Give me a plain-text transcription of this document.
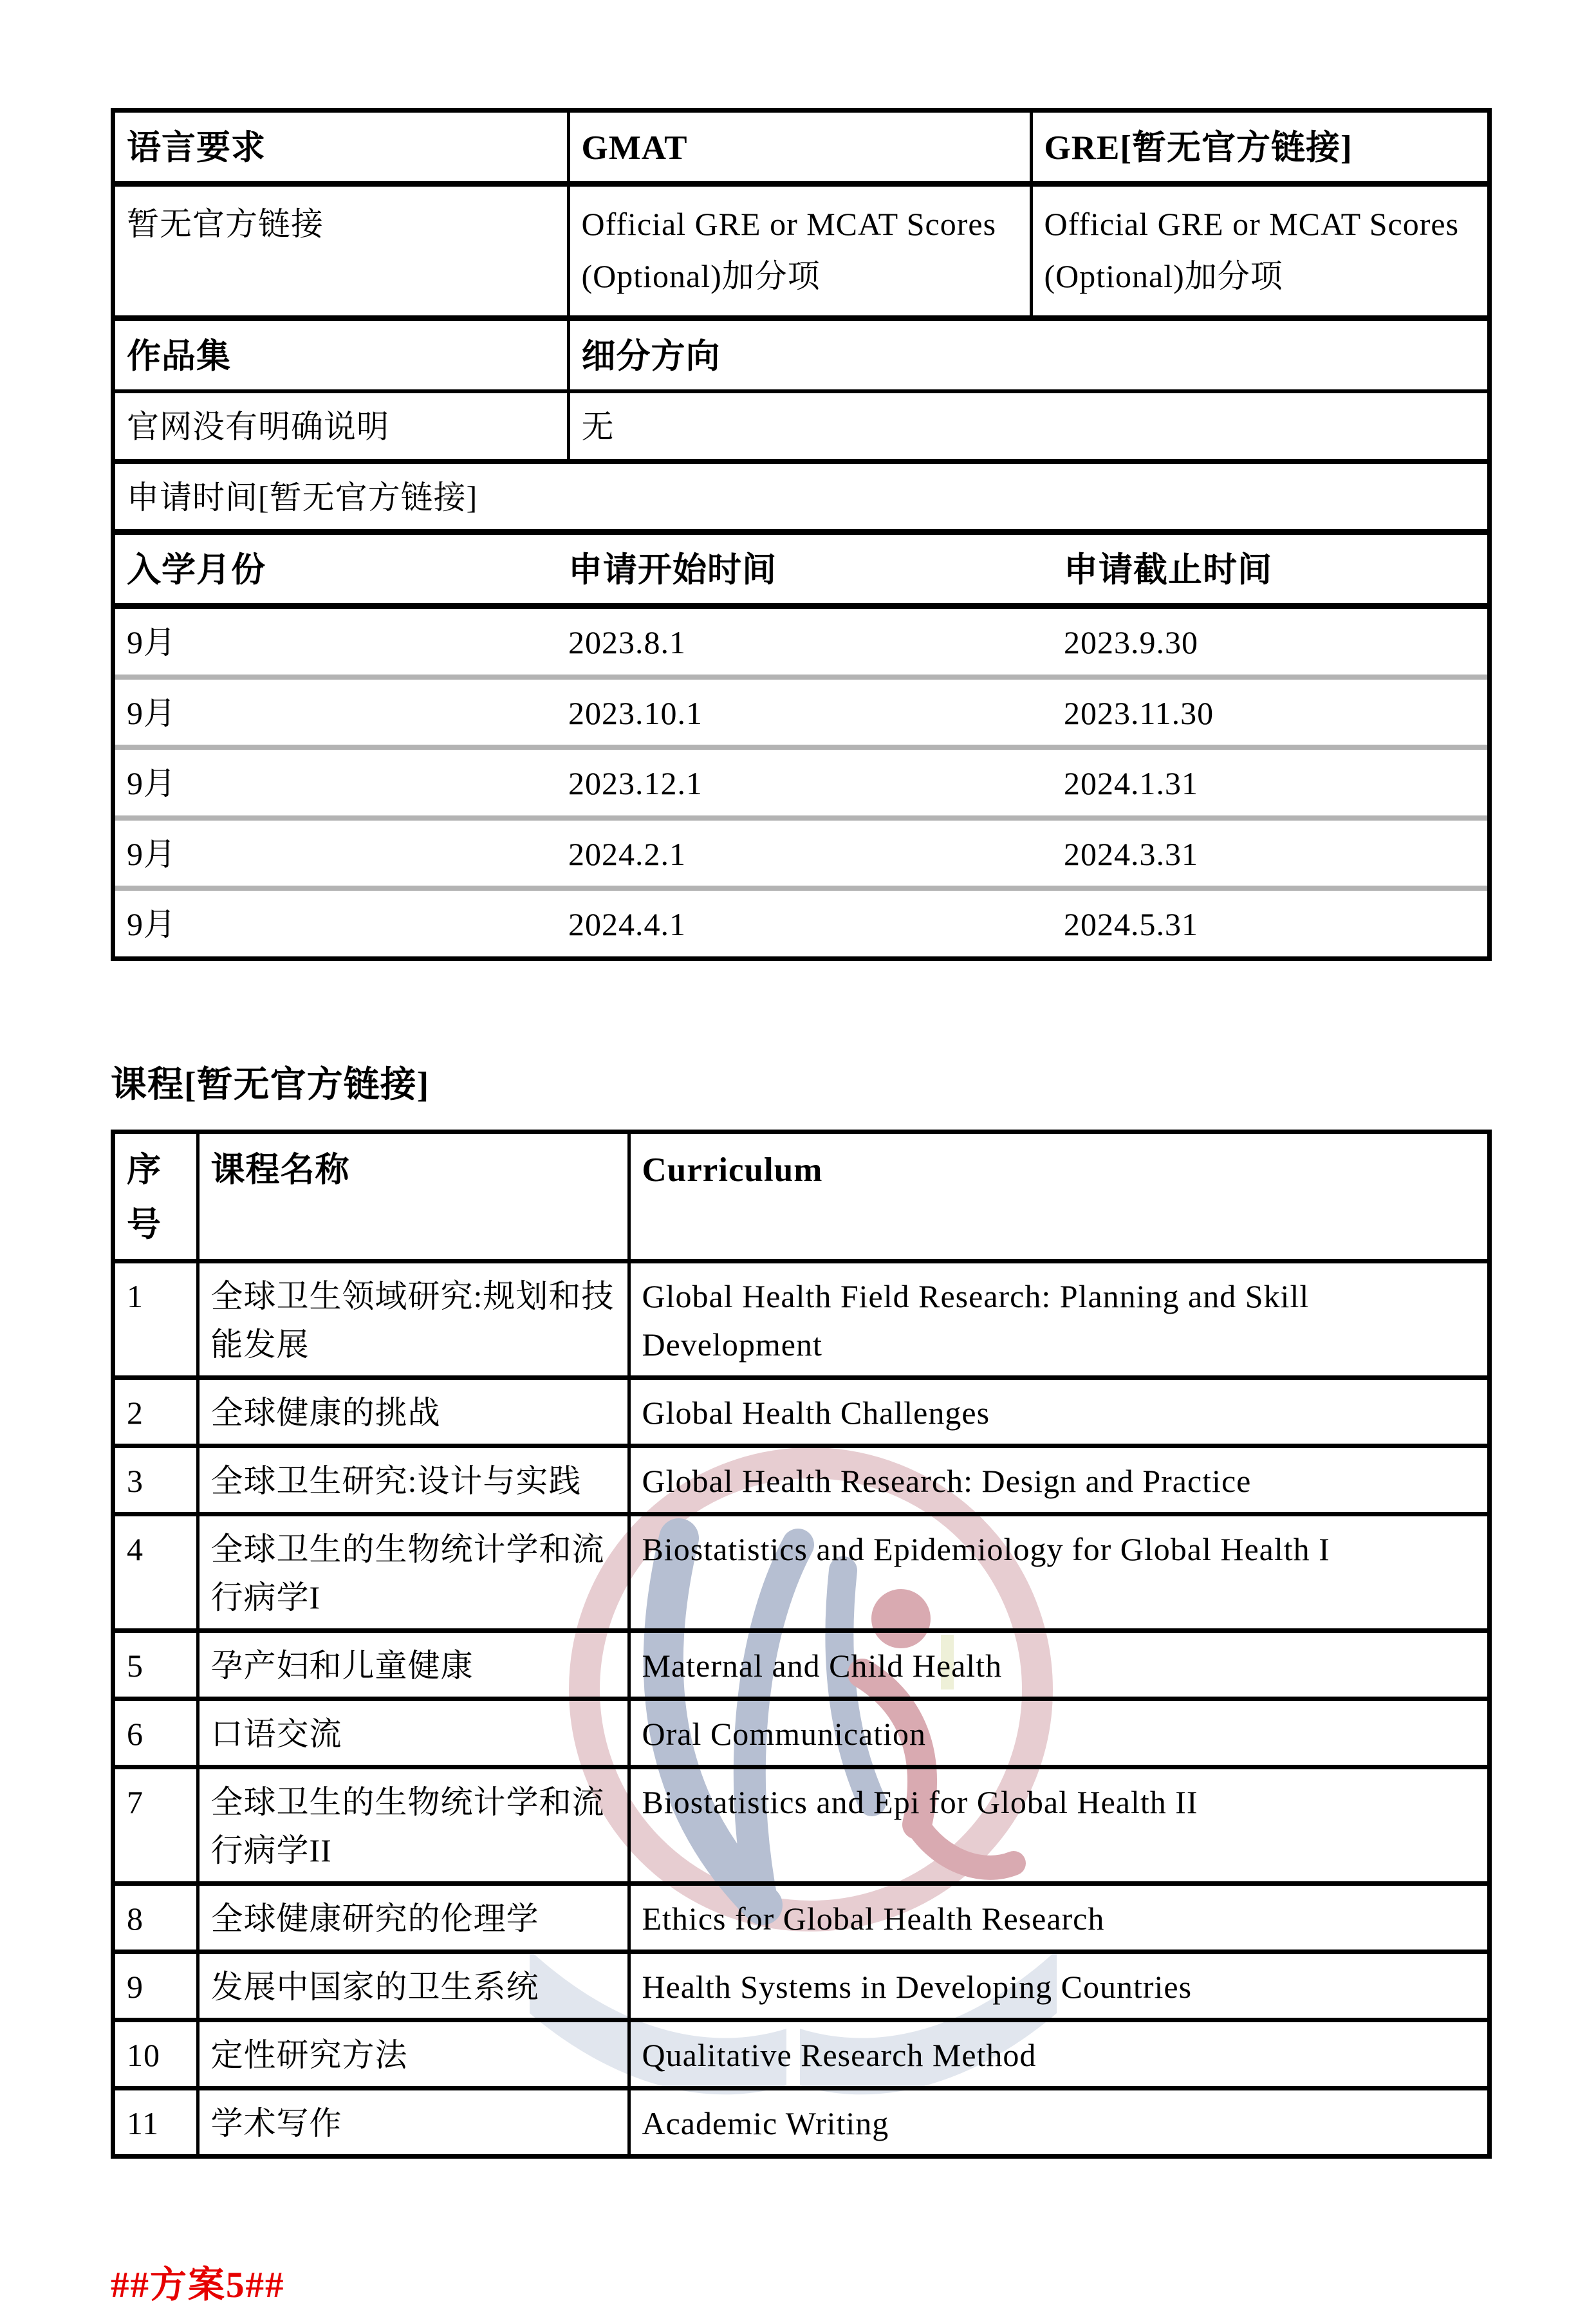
语言要求	GMAT	GRE[暂无官方链接]
暂无官方链接	Official GRE or MCAT Scores (Optional)加分项	Official GRE or MCAT Scores (Optional)加分项
作品集	细分方向	
官网没有明确说明	无	
申请时间[暂无官方链接]		
入学月份	申请开始时间	申请截止时间
9月	2023.8.1	2023.9.30
9月	2023.10.1	2023.11.30
9月	2023.12.1	2024.1.31
9月	2024.2.1	2024.3.31
9月	2024.4.1	2024.5.31
课程[暂无官方链接]
序号	课程名称	Curriculum
1	全球卫生领域研究:规划和技能发展	Global Health Field Research: Planning and Skill Development
2	全球健康的挑战	Global Health Challenges
3	全球卫生研究:设计与实践	Global Health Research: Design and Practice
4	全球卫生的生物统计学和流行病学I	Biostatistics and Epidemiology for Global Health I
5	孕产妇和儿童健康	Maternal and Child Health
6	口语交流	Oral Communication
7	全球卫生的生物统计学和流行病学II	Biostatistics and Epi for Global Health II
8	全球健康研究的伦理学	Ethics for Global Health Research
9	发展中国家的卫生系统	Health Systems in Developing Countries
10	定性研究方法	Qualitative Research Method
11	学术写作	Academic Writing
##方案5##
